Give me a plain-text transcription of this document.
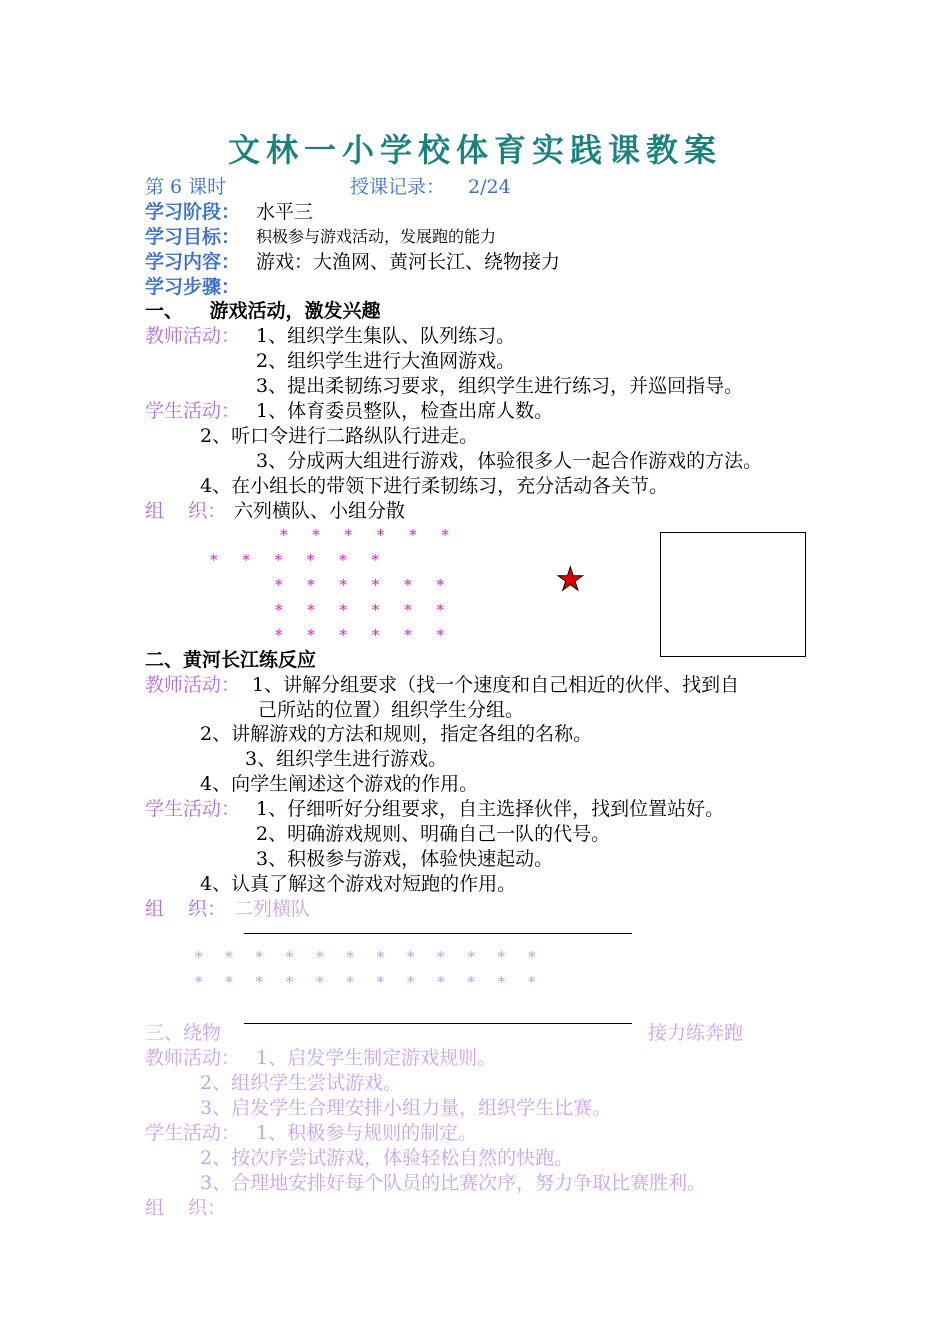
文林一小学校体育实践课教案
第 6 课时	授课记录： 2/24
学习阶段： 水平三
学习目标： 积极参与游戏活动，发展跑的能力
学习内容： 游戏：大渔网、黄河长江、绕物接力
学习步骤：
一、    游戏活动，激发兴趣
教师活动： 1、组织学生集队、队列练习。
2、组织学生进行大渔网游戏。
3、提出柔韧练习要求，组织学生进行练习，并巡回指导。
学生活动： 1、体育委员整队，检查出席人数。
2、听口令进行二路纵队行进走。
3、分成两大组进行游戏，体验很多人一起合作游戏的方法。
4、在小组长的带领下进行柔韧练习，充分活动各关节。
组    织： 六列横队、小组分散
* * * * * *
* * * * * *
* * * * * *
* * * * * *
* * * * * *
★
二、黄河长江练反应
教师活动： 1、讲解分组要求（找一个速度和自己相近的伙伴、找到自
己所站的位置）组织学生分组。
2、讲解游戏的方法和规则，指定各组的名称。
3、组织学生进行游戏。
4、向学生阐述这个游戏的作用。
学生活动： 1、仔细听好分组要求，自主选择伙伴，找到位置站好。
2、明确游戏规则、明确自己一队的代号。
3、积极参与游戏，体验快速起动。
4、认真了解这个游戏对短跑的作用。
组    织： 二列横队
* * * * * * * * * * * *
* * * * * * * * * * * *
三、绕物	接力练奔跑
教师活动： 1、启发学生制定游戏规则。
2、组织学生尝试游戏。
3、启发学生合理安排小组力量，组织学生比赛。
学生活动： 1、积极参与规则的制定。
2、按次序尝试游戏，体验轻松自然的快跑。
3、合理地安排好每个队员的比赛次序，努力争取比赛胜利。
组    织：
